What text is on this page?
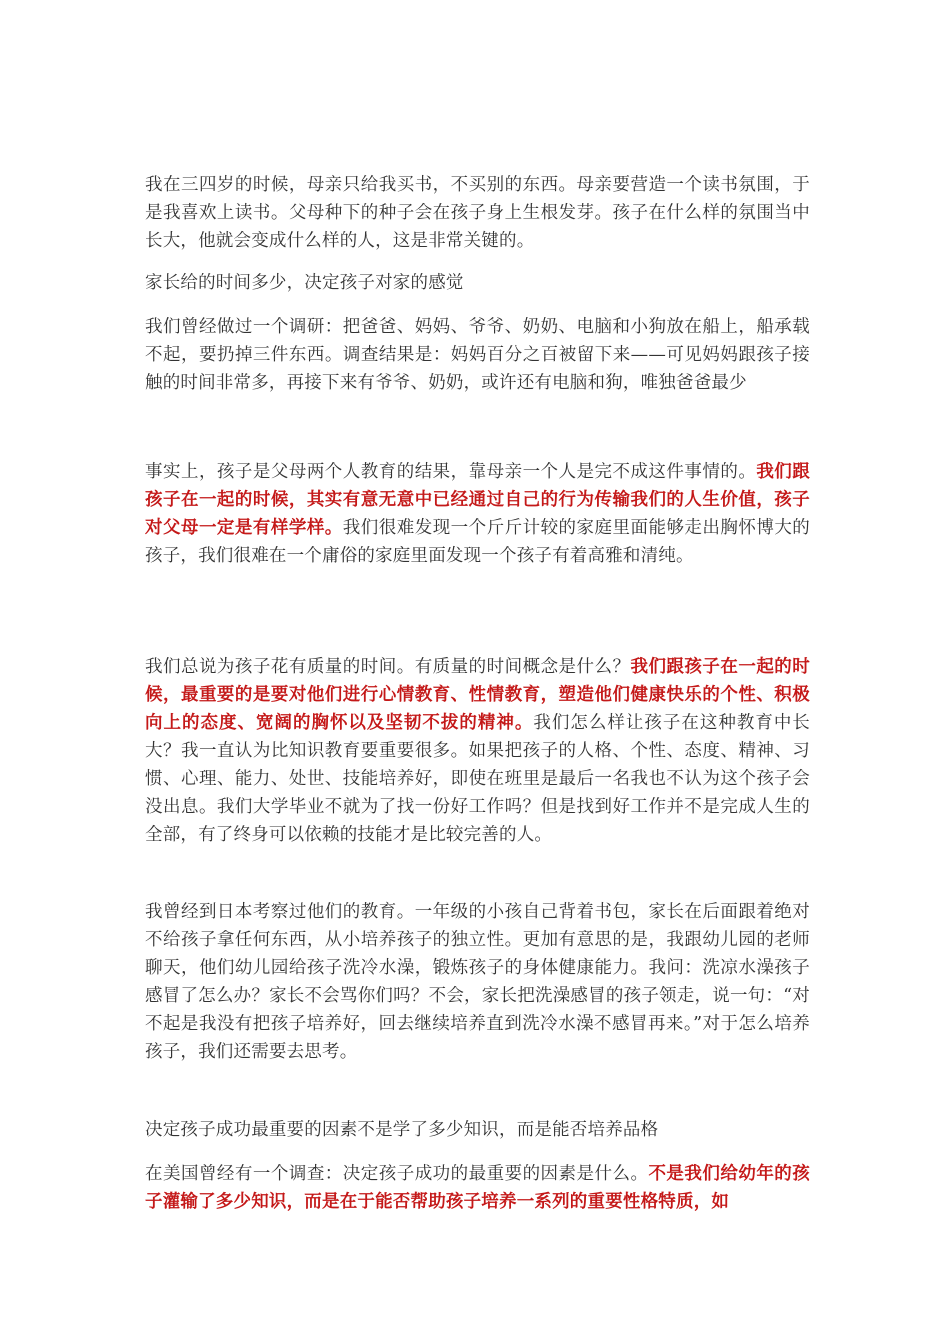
我在三四岁的时候，母亲只给我买书，不买别的东西。母亲要营造一个读书氛围，于是我喜欢上读书。父母种下的种子会在孩子身上生根发芽。孩子在什么样的氛围当中长大，他就会变成什么样的人，这是非常关键的。

家长给的时间多少，决定孩子对家的感觉

我们曾经做过一个调研：把爸爸、妈妈、爷爷、奶奶、电脑和小狗放在船上，船承载不起，要扔掉三件东西。调查结果是：妈妈百分之百被留下来——可见妈妈跟孩子接触的时间非常多，再接下来有爷爷、奶奶，或许还有电脑和狗，唯独爸爸最少

事实上，孩子是父母两个人教育的结果，靠母亲一个人是完不成这件事情的。我们跟孩子在一起的时候，其实有意无意中已经通过自己的行为传输我们的人生价值，孩子对父母一定是有样学样。我们很难发现一个斤斤计较的家庭里面能够走出胸怀博大的孩子，我们很难在一个庸俗的家庭里面发现一个孩子有着高雅和清纯。

我们总说为孩子花有质量的时间。有质量的时间概念是什么？我们跟孩子在一起的时候，最重要的是要对他们进行心情教育、性情教育，塑造他们健康快乐的个性、积极向上的态度、宽阔的胸怀以及坚韧不拔的精神。我们怎么样让孩子在这种教育中长大？我一直认为比知识教育要重要很多。如果把孩子的人格、个性、态度、精神、习惯、心理、能力、处世、技能培养好，即使在班里是最后一名我也不认为这个孩子会没出息。我们大学毕业不就为了找一份好工作吗？但是找到好工作并不是完成人生的全部，有了终身可以依赖的技能才是比较完善的人。

我曾经到日本考察过他们的教育。一年级的小孩自己背着书包，家长在后面跟着绝对不给孩子拿任何东西，从小培养孩子的独立性。更加有意思的是，我跟幼儿园的老师聊天，他们幼儿园给孩子洗冷水澡，锻炼孩子的身体健康能力。我问：洗凉水澡孩子感冒了怎么办？家长不会骂你们吗？不会，家长把洗澡感冒的孩子领走，说一句：“对不起是我没有把孩子培养好，回去继续培养直到洗冷水澡不感冒再来。”对于怎么培养孩子，我们还需要去思考。

决定孩子成功最重要的因素不是学了多少知识，而是能否培养品格

在美国曾经有一个调查：决定孩子成功的最重要的因素是什么。不是我们给幼年的孩子灌输了多少知识，而是在于能否帮助孩子培养一系列的重要性格特质，如
